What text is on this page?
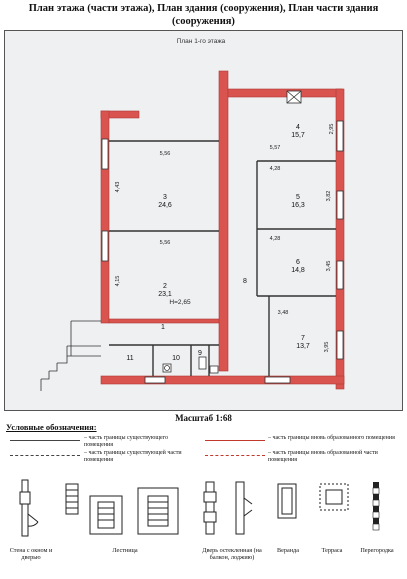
План этажа (части этажа), План здания (сооружения), План части здания
(сооружения)
План 1-го этажа
4
15,7
3
24,6
5
16,3
2
23,1
6
14,8
8
1
7
13,7
11	10
9
5,56
4,43
5,56
4,15
5,57
2,95
4,28
3,82
4,28
3,45
3,48
3,95
H=2,65
Масштаб 1:68
Условные обозначения:
– часть границы существующего помещения
– часть границы существующей части помещения
– часть границы вновь образованного помещения
– часть границы вновь образованной части помещения
Стена с окном и дверью
Лестница	Дверь остекленная (на балкон, лоджию)
Веранда	Терраса	Перегородка
